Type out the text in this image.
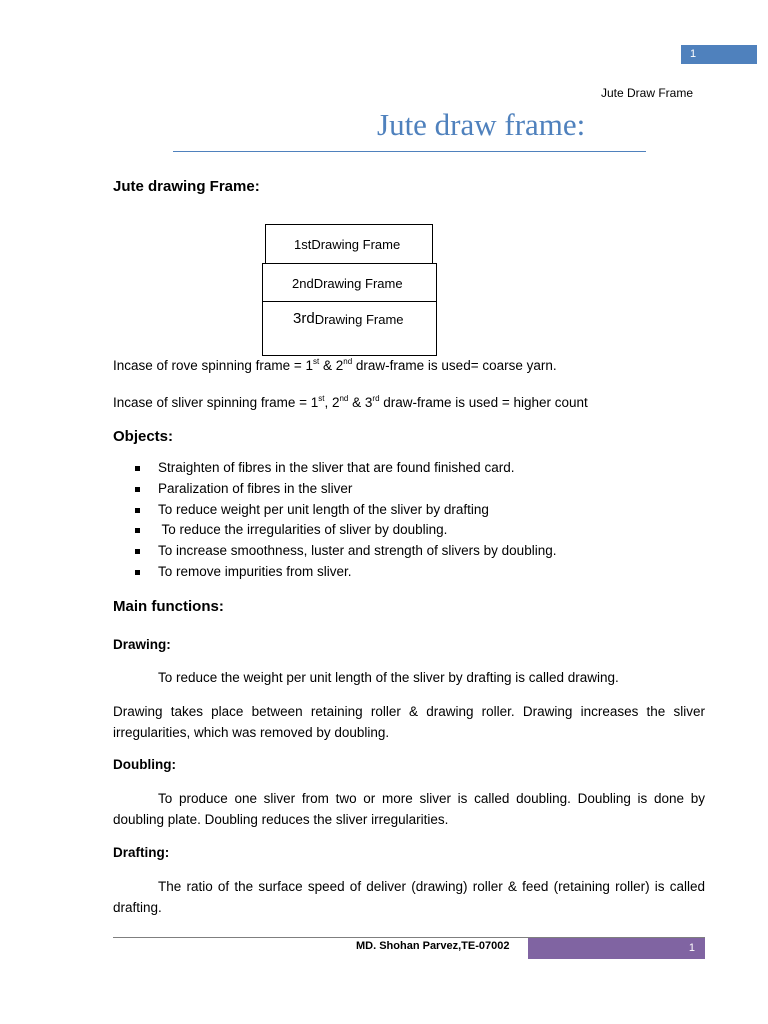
1
Jute Draw Frame
Jute draw frame:
Jute drawing Frame:
1st Drawing Frame
2nd Drawing Frame
3rd Drawing Frame
Incase of rove spinning frame = 1st & 2nd draw-frame is used= coarse yarn.
Incase of sliver spinning frame = 1st, 2nd & 3rd draw-frame is used = higher count
Objects:
Straighten of fibres in the sliver that are found finished card.
Paralization of fibres in the sliver
To reduce weight per unit length of the sliver by drafting
To reduce the irregularities of sliver by doubling.
To increase smoothness, luster and strength of slivers by doubling.
To remove impurities from sliver.
Main functions:
Drawing:
To reduce the weight per unit length of the sliver by drafting is called drawing.
Drawing takes place between retaining roller & drawing roller. Drawing increases the sliver irregularities, which was removed by doubling.
Doubling:
To produce one sliver from two or more sliver is called doubling. Doubling is done by doubling plate. Doubling reduces the sliver irregularities.
Drafting:
The ratio of the surface speed of deliver (drawing) roller & feed (retaining roller) is called drafting.
MD. Shohan Parvez,TE-07002	1
